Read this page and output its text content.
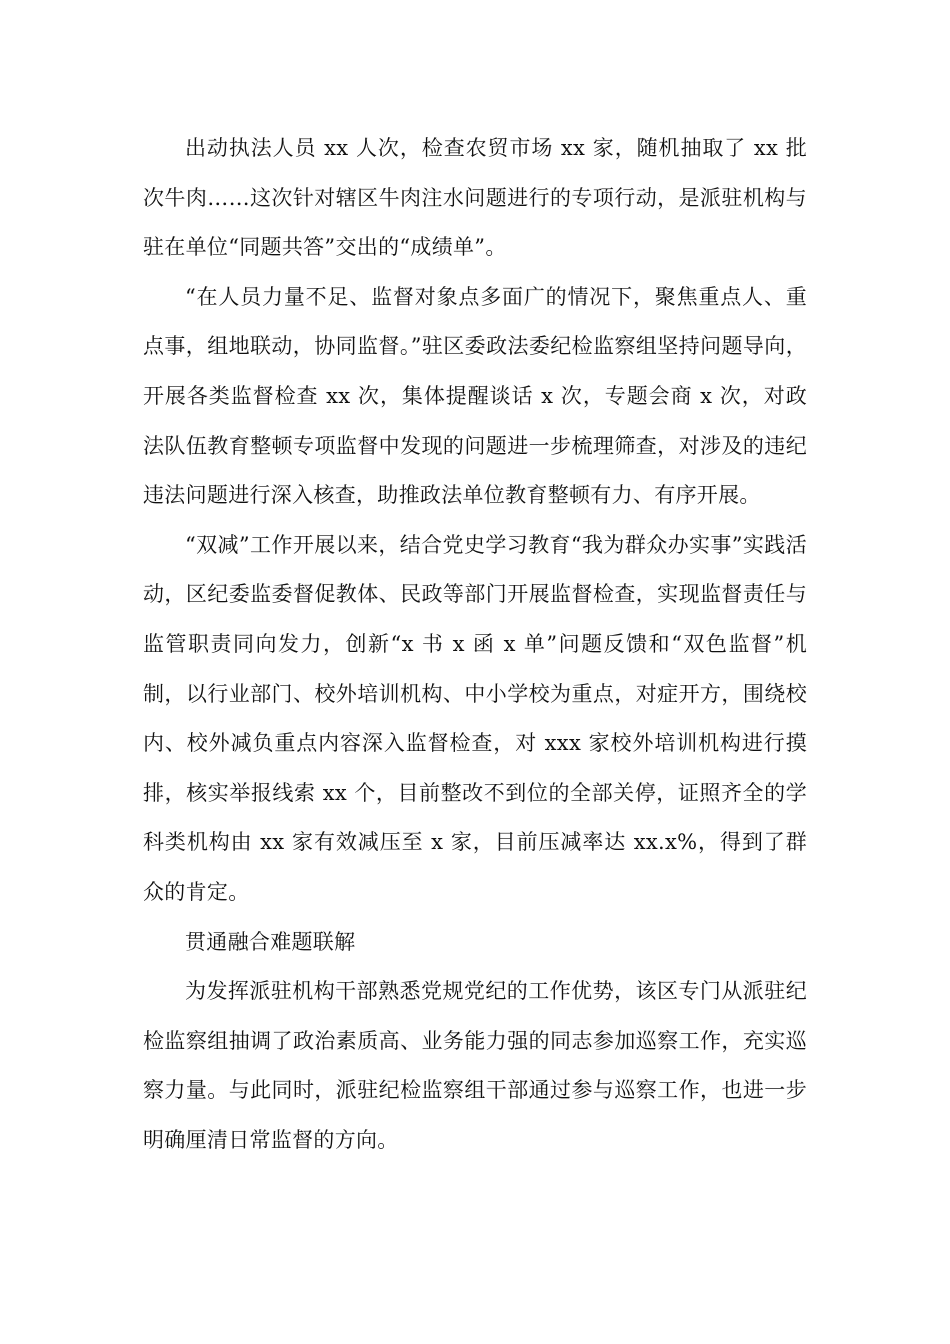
出动执法人员 xx 人次，检查农贸市场 xx 家，随机抽取了 xx 批次牛肉……这次针对辖区牛肉注水问题进行的专项行动，是派驻机构与驻在单位“同题共答”交出的“成绩单”。

“在人员力量不足、监督对象点多面广的情况下，聚焦重点人、重点事，组地联动，协同监督。”驻区委政法委纪检监察组坚持问题导向，开展各类监督检查 xx 次，集体提醒谈话 x 次，专题会商 x 次，对政法队伍教育整顿专项监督中发现的问题进一步梳理筛查，对涉及的违纪违法问题进行深入核查，助推政法单位教育整顿有力、有序开展。

“双减”工作开展以来，结合党史学习教育“我为群众办实事”实践活动，区纪委监委督促教体、民政等部门开展监督检查，实现监督责任与监管职责同向发力，创新“x 书 x 函 x 单”问题反馈和“双色监督”机制，以行业部门、校外培训机构、中小学校为重点，对症开方，围绕校内、校外减负重点内容深入监督检查，对 xxx 家校外培训机构进行摸排，核实举报线索 xx 个，目前整改不到位的全部关停，证照齐全的学科类机构由 xx 家有效减压至 x 家，目前压减率达 xx.x%，得到了群众的肯定。

贯通融合难题联解

为发挥派驻机构干部熟悉党规党纪的工作优势，该区专门从派驻纪检监察组抽调了政治素质高、业务能力强的同志参加巡察工作，充实巡察力量。与此同时，派驻纪检监察组干部通过参与巡察工作，也进一步明确厘清日常监督的方向。
